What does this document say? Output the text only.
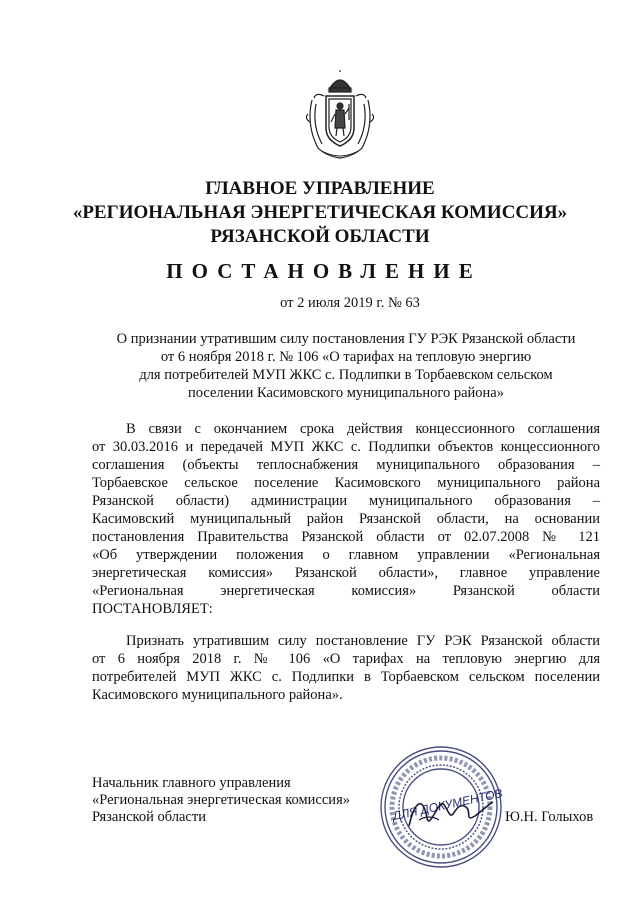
ГЛАВНОЕ УПРАВЛЕНИЕ
«РЕГИОНАЛЬНАЯ ЭНЕРГЕТИЧЕСКАЯ КОМИССИЯ»
РЯЗАНСКОЙ ОБЛАСТИ
ПОСТАНОВЛЕНИЕ
от 2 июля 2019 г. № 63
О признании утратившим силу постановления ГУ РЭК Рязанской области
от 6 ноября 2018 г. № 106 «О тарифах на тепловую энергию
для потребителей МУП ЖКС с. Подлипки в Торбаевском сельском
поселении Касимовского муниципального района»

В связи с окончанием срока действия концессионного соглашения
от 30.03.2016 и передачей МУП ЖКС с. Подлипки объектов концессионного
соглашения (объекты теплоснабжения муниципального образования –
Торбаевское сельское поселение Касимовского муниципального района
Рязанской области) администрации муниципального образования –
Касимовский муниципальный район Рязанской области, на основании
постановления Правительства Рязанской области от 02.07.2008 № 121
«Об утверждении положения о главном управлении «Региональная
энергетическая комиссия» Рязанской области», главное управление
«Региональная энергетическая комиссия» Рязанской области
ПОСТАНОВЛЯЕТ:

Признать утратившим силу постановление ГУ РЭК Рязанской области
от 6 ноября 2018 г. № 106 «О тарифах на тепловую энергию для
потребителей МУП ЖКС с. Подлипки в Торбаевском сельском поселении
Касимовского муниципального района».

Начальник главного управления
«Региональная энергетическая комиссия»
Рязанской области	ДЛЯ ДОКУМЕНТОВ Ю.Н. Голыхов
